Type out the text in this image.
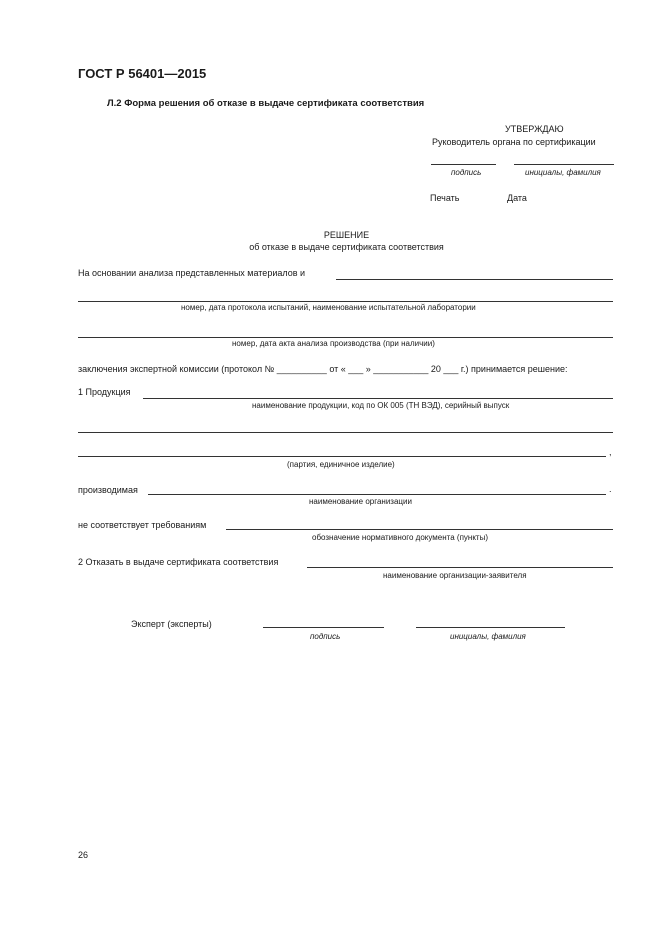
ГОСТ Р 56401—2015
Л.2 Форма решения об отказе в выдаче сертификата соответствия
УТВЕРЖДАЮ
Руководитель органа по сертификации
подпись	инициалы, фамилия
Печать	Дата
РЕШЕНИЕ
об отказе в выдаче сертификата соответствия
На основании анализа представленных материалов и
номер, дата протокола испытаний, наименование испытательной лаборатории
номер, дата акта анализа производства (при наличии)
заключения экспертной комиссии (протокол № __________ от « ___ » ___________ 20 ___ г.) принимается решение:
1 Продукция
наименование продукции, код по ОК 005 (ТН ВЭД), серийный выпуск
,
(партия, единичное изделие)
производимая	.
наименование организации
не соответствует требованиям
обозначение нормативного документа (пункты)
2 Отказать в выдаче сертификата соответствия
наименование организации-заявителя
Эксперт (эксперты)
подпись	инициалы, фамилия
26
